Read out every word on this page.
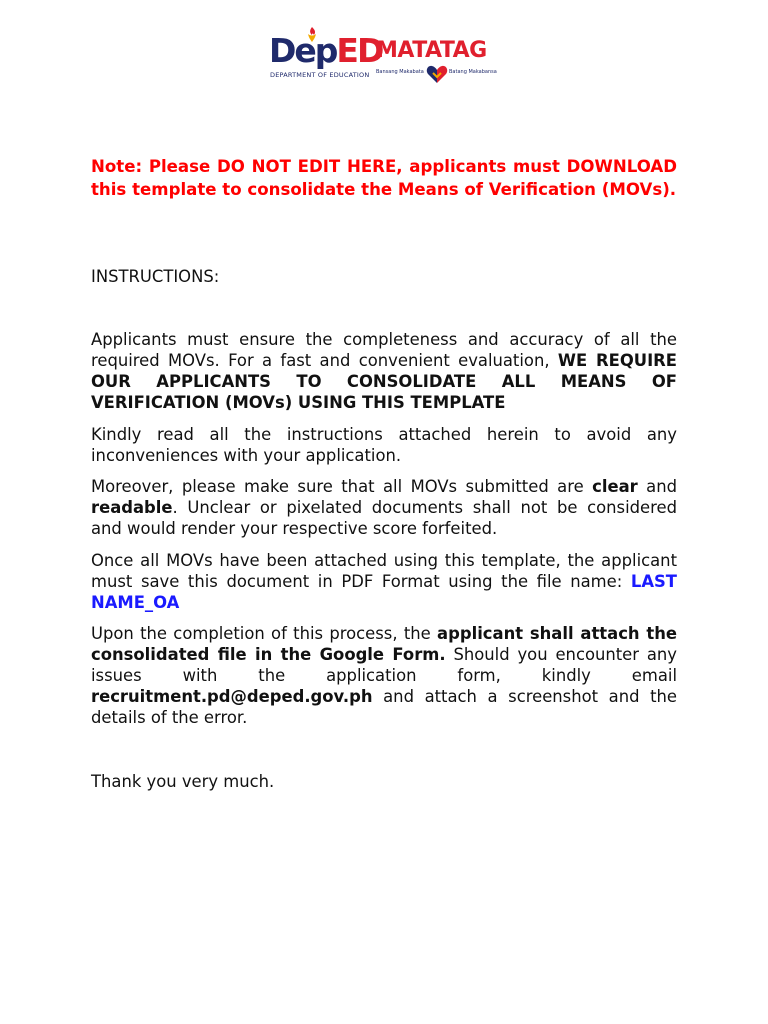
DepED
DEPARTMENT OF EDUCATION
MATATAG
Bansang Makabata	Batang Makabansa

Note: Please DO NOT EDIT HERE, applicants must DOWNLOAD this template to consolidate the Means of Verification (MOVs).

INSTRUCTIONS:

Applicants must ensure the completeness and accuracy of all the required MOVs. For a fast and convenient evaluation, WE REQUIRE OUR APPLICANTS TO CONSOLIDATE ALL MEANS OF VERIFICATION (MOVs) USING THIS TEMPLATE

Kindly read all the instructions attached herein to avoid any inconveniences with your application.

Moreover, please make sure that all MOVs submitted are clear and readable. Unclear or pixelated documents shall not be considered and would render your respective score forfeited.

Once all MOVs have been attached using this template, the applicant must save this document in PDF Format using the file name: LAST NAME_OA

Upon the completion of this process, the applicant shall attach the consolidated file in the Google Form. Should you encounter any issues with the application form, kindly email recruitment.pd@deped.gov.ph and attach a screenshot and the details of the error.

Thank you very much.
